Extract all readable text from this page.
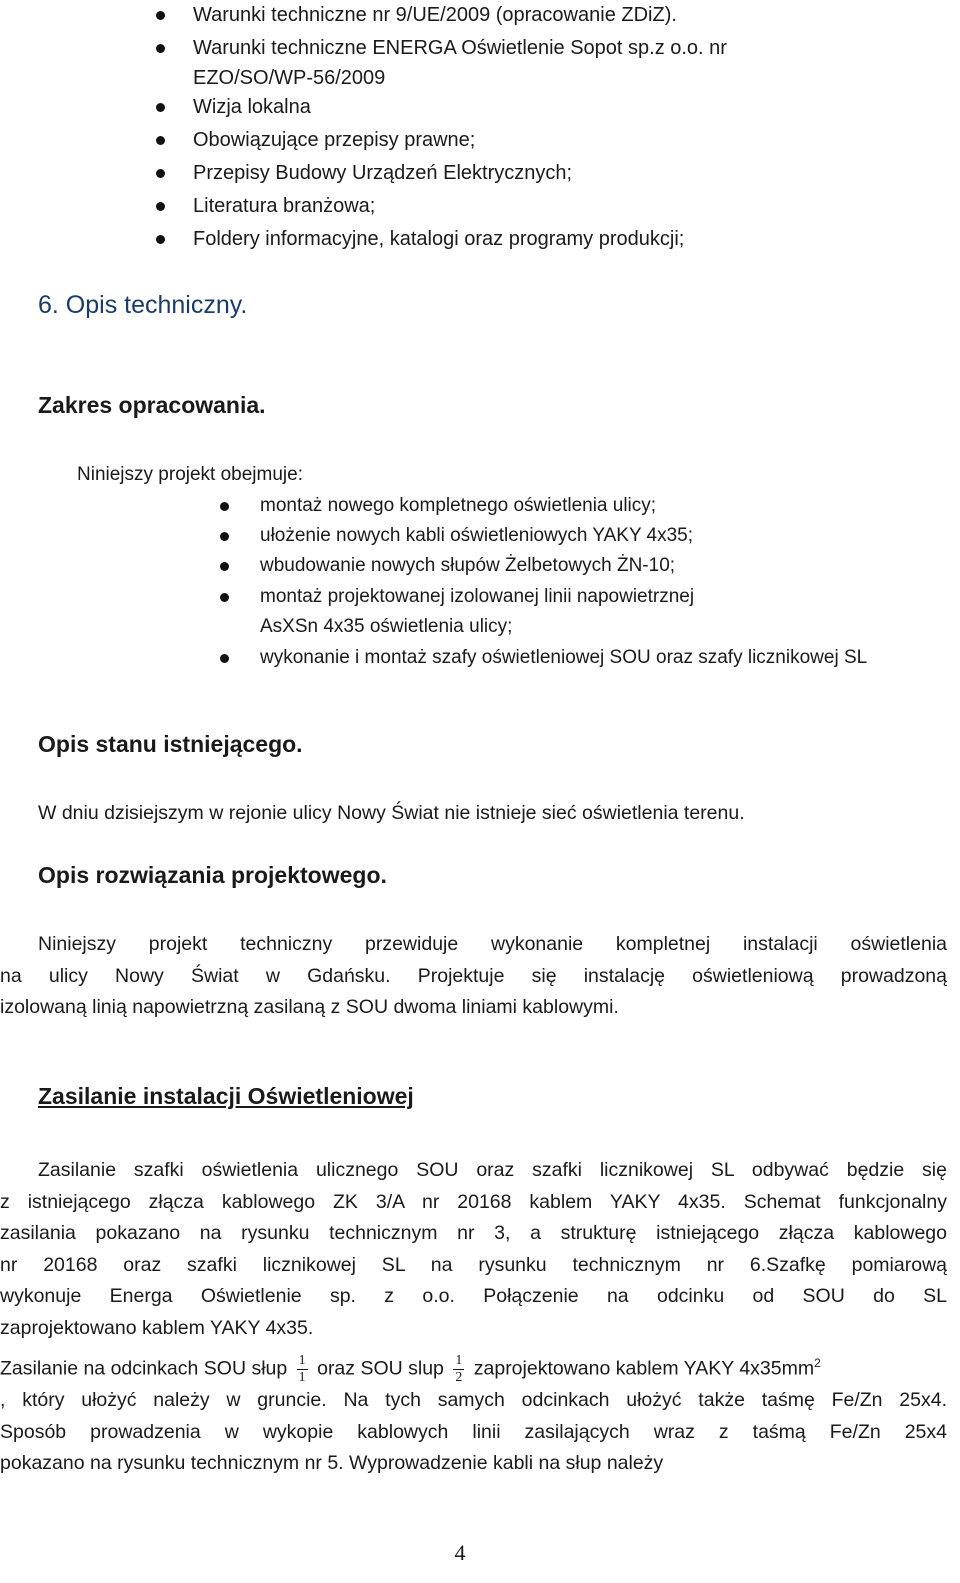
Warunki techniczne nr 9/UE/2009 (opracowanie ZDiZ).
Warunki techniczne ENERGA Oświetlenie Sopot sp.z o.o. nr
Wizja lokalna
Obowiązujące przepisy prawne;
Przepisy Budowy Urządzeń Elektrycznych;
Literatura branżowa;
Foldery informacyjne, katalogi oraz programy produkcji;
EZO/SO/WP-56/2009
6. Opis techniczny.
Zakres opracowania.
Niniejszy projekt obejmuje:
montaż nowego kompletnego oświetlenia ulicy;
ułożenie nowych kabli oświetleniowych YAKY 4x35;
wbudowanie nowych słupów Żelbetowych ŻN-10;
montaż projektowanej izolowanej linii napowietrznej
wykonanie i montaż szafy oświetleniowej SOU oraz szafy licznikowej SL
AsXSn 4x35 oświetlenia ulicy;
Opis stanu istniejącego.

W dniu dzisiejszym w rejonie ulicy Nowy Świat nie istnieje sieć oświetlenia terenu.

Opis rozwiązania projektowego.

Niniejszy projekt techniczny przewiduje wykonanie kompletnej instalacji oświetlenia
na ulicy Nowy Świat w Gdańsku. Projektuje się instalację oświetleniową prowadzoną
izolowaną linią napowietrzną zasilaną z SOU dwoma liniami kablowymi.

Zasilanie instalacji Oświetleniowej

Zasilanie szafki oświetlenia ulicznego SOU oraz szafki licznikowej SL odbywać będzie się
z istniejącego złącza kablowego ZK 3/A nr 20168 kablem YAKY 4x35. Schemat funkcjonalny
zasilania pokazano na rysunku technicznym nr 3, a strukturę istniejącego złącza kablowego
nr 20168 oraz szafki licznikowej SL na rysunku technicznym nr 6.Szafkę pomiarową
wykonuje Energa Oświetlenie sp. z o.o. Połączenie na odcinku od SOU do SL
zaprojektowano kablem YAKY 4x35.

Zasilanie na odcinkach SOU słup $\frac{1}{1}$ oraz SOU slup $\frac{1}{2}$ zaprojektowano kablem YAKY $4x35mm^2$

, który ułożyć należy w gruncie. Na tych samych odcinkach ułożyć także taśmę Fe/Zn 25x4.
Sposób prowadzenia w wykopie kablowych linii zasilających wraz z taśmą Fe/Zn 25x4
pokazano na rysunku technicznym nr 5. Wyprowadzenie kabli na słup należy

4
